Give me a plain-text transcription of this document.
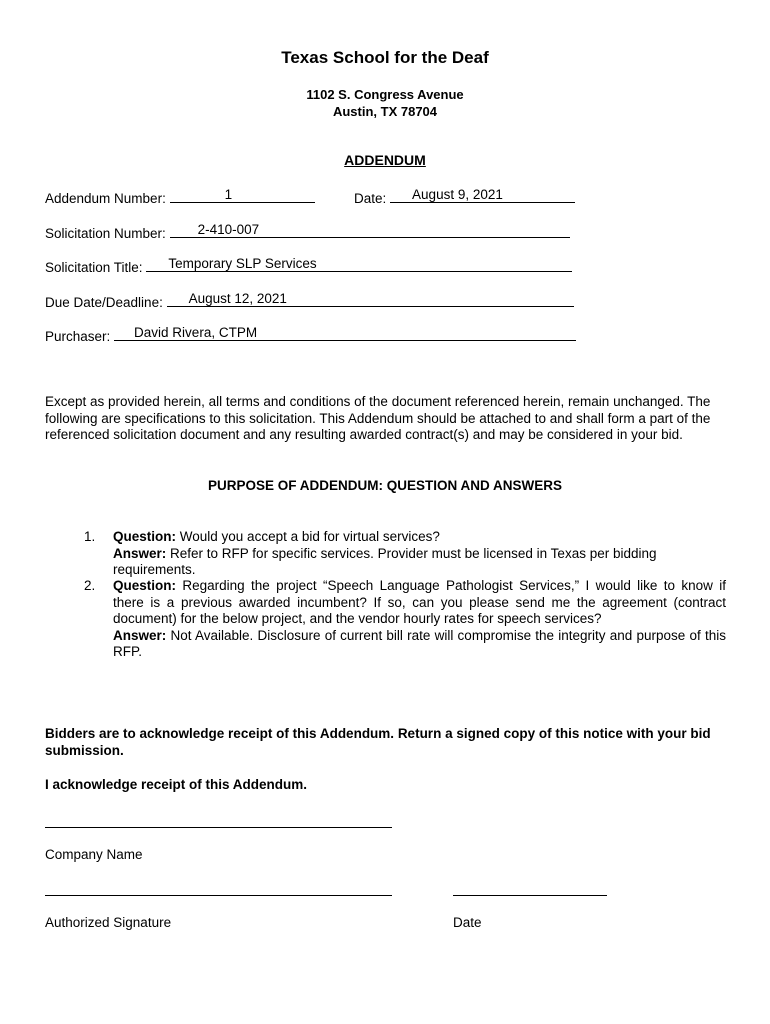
Texas School for the Deaf
1102 S. Congress Avenue
Austin, TX 78704
ADDENDUM
Addendum Number:	1	Date: August 9, 2021
Solicitation Number: 2-410-007
Solicitation Title: Temporary SLP Services
Due Date/Deadline: August 12, 2021
Purchaser: David Rivera, CTPM
Except as provided herein, all terms and conditions of the document referenced herein, remain unchanged. The following are specifications to this solicitation. This Addendum should be attached to and shall form a part of the referenced solicitation document and any resulting awarded contract(s) and may be considered in your bid.
PURPOSE OF ADDENDUM: QUESTION AND ANSWERS
1. Question: Would you accept a bid for virtual services?
Answer: Refer to RFP for specific services. Provider must be licensed in Texas per bidding requirements.
2. Question: Regarding the project “Speech Language Pathologist Services,” I would like to know if there is a previous awarded incumbent? If so, can you please send me the agreement (contract document) for the below project, and the vendor hourly rates for speech services?
Answer: Not Available. Disclosure of current bill rate will compromise the integrity and purpose of this RFP.
Bidders are to acknowledge receipt of this Addendum. Return a signed copy of this notice with your bid submission.
I acknowledge receipt of this Addendum.
Company Name
Authorized Signature	Date
